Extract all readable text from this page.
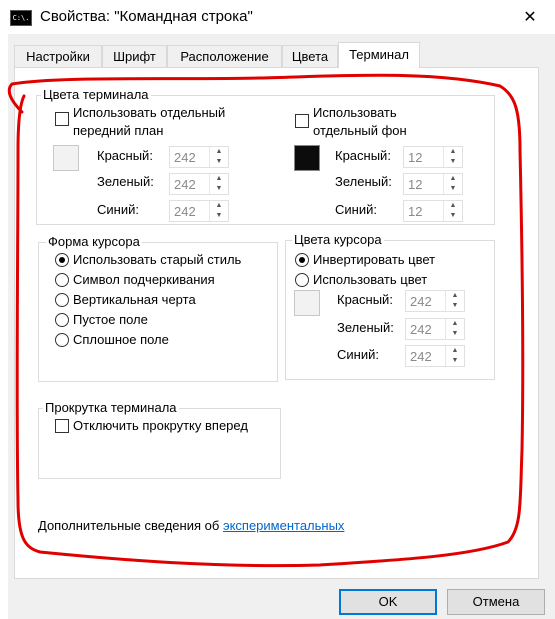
C:\. Свойства: "Командная строка"	✕
Настройки	Шрифт	Расположение	Цвета	Терминал
Цвета терминала
Использовать отдельный
передний план
Красный: 242	▲
▼
Зеленый: 242	▲
▼
Синий:	242	▲
▼
Использовать
отдельный фон
Красный: 12	▲
▼
Зеленый: 12	▲
▼
Синий: 12	▲
▼
Форма курсора
Использовать старый стиль
Символ подчеркивания
Вертикальная черта
Пустое поле
Сплошное поле
Цвета курсора
Инвертировать цвет
Использовать цвет
Красный: 242	▲
▼
Зеленый: 242	▲
▼
Синий: 242	▲
▼
Прокрутка терминала
Отключить прокрутку вперед
Дополнительные сведения об экспериментальных
OK	Отмена
